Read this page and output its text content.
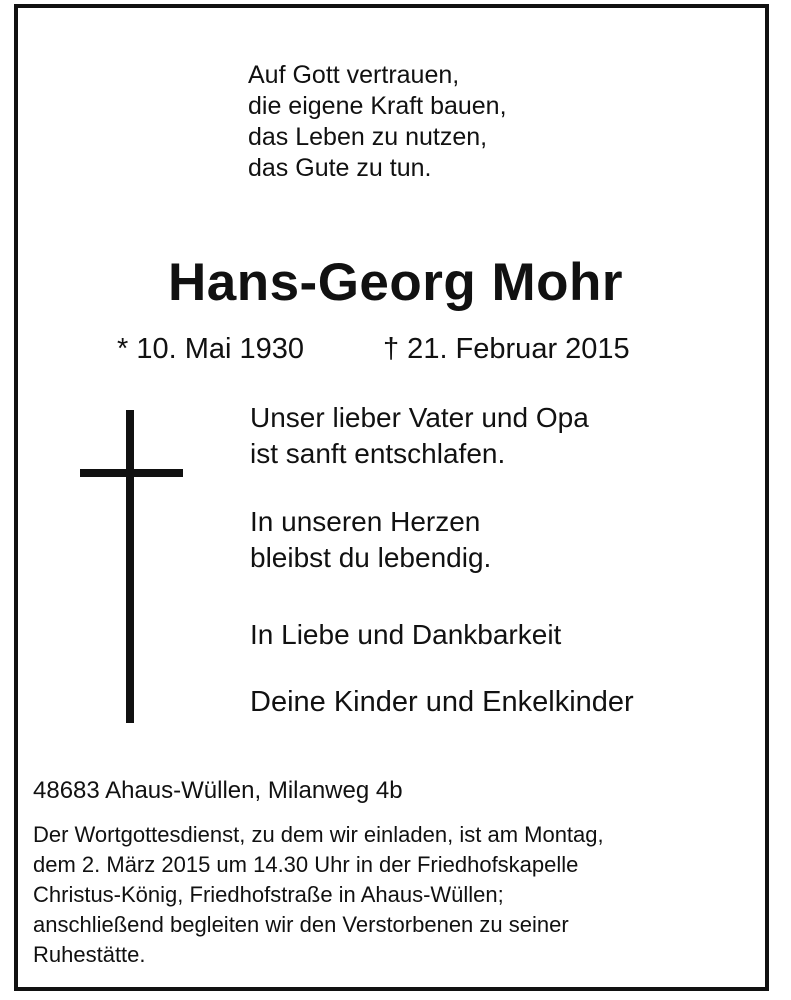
Auf Gott vertrauen,
die eigene Kraft bauen,
das Leben zu nutzen,
das Gute zu tun.
Hans-Georg Mohr
* 10. Mai 1930	† 21. Februar 2015
Unser lieber Vater und Opa
ist sanft entschlafen.
In unseren Herzen
bleibst du lebendig.
In Liebe und Dankbarkeit
Deine Kinder und Enkelkinder
48683 Ahaus-Wüllen, Milanweg 4b
Der Wortgottesdienst, zu dem wir einladen, ist am Montag,
dem 2. März 2015 um 14.30 Uhr in der Friedhofskapelle
Christus-König, Friedhofstraße in Ahaus-Wüllen;
anschließend begleiten wir den Verstorbenen zu seiner
Ruhestätte.
